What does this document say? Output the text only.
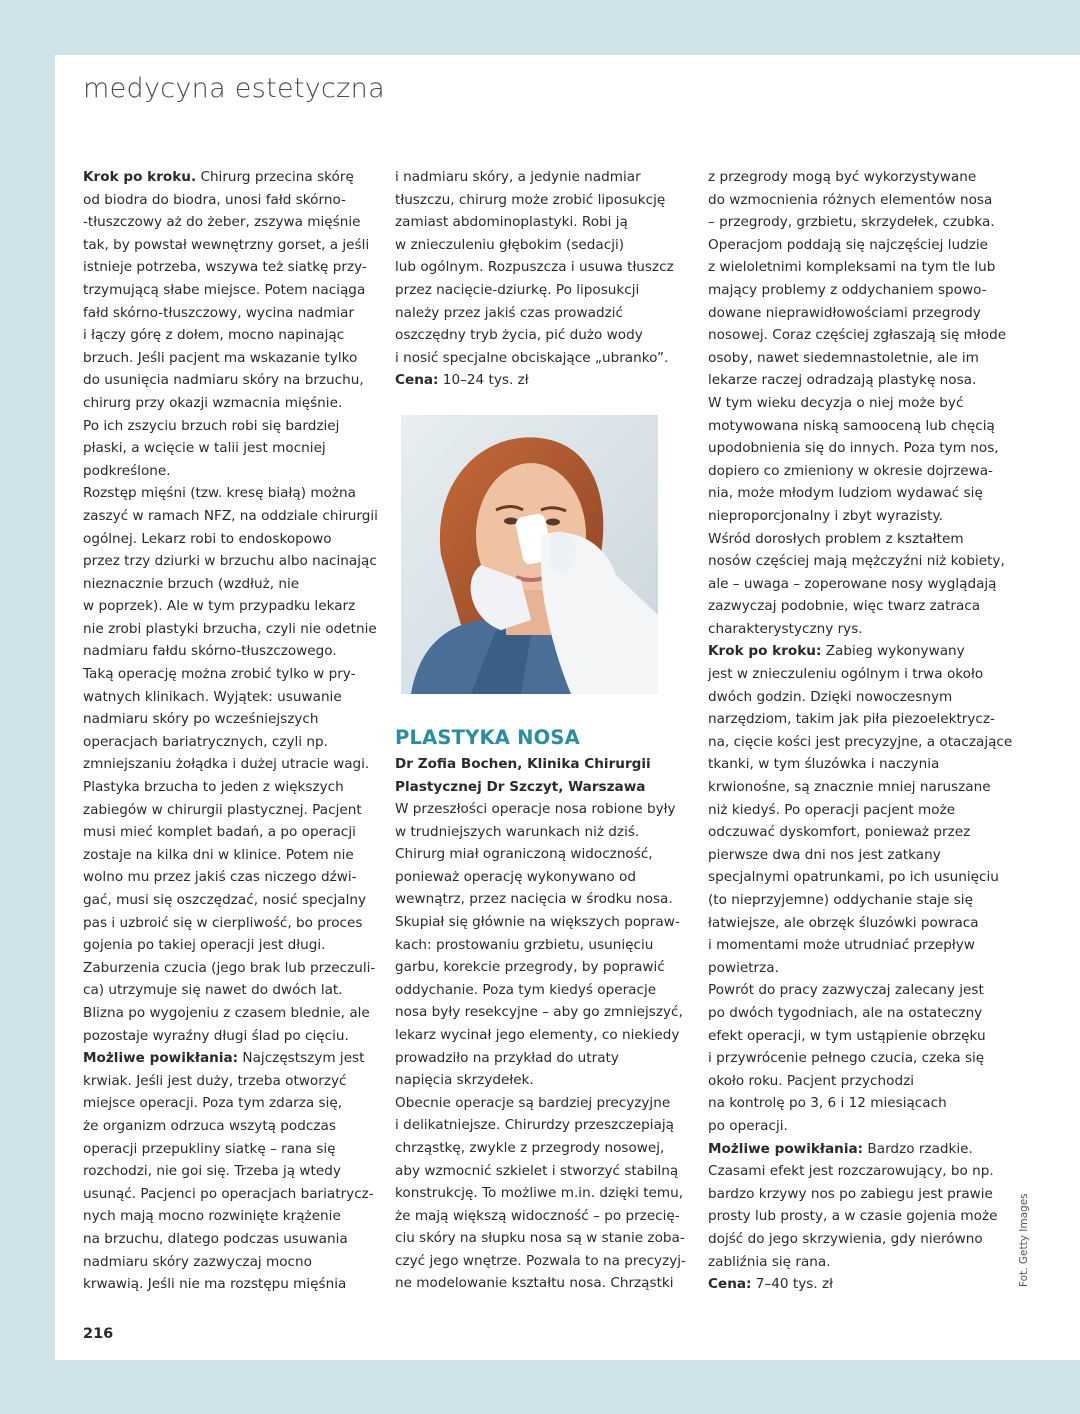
medycyna estetyczna
Krok po kroku. Chirurg przecina skórę
od biodra do biodra, unosi fałd skórno-
-tłuszczowy aż do żeber, zszywa mięśnie
tak, by powstał wewnętrzny gorset, a jeśli
istnieje potrzeba, wszywa też siatkę przy-
trzymującą słabe miejsce. Potem naciąga
fałd skórno-tłuszczowy, wycina nadmiar
i łączy górę z dołem, mocno napinając
brzuch. Jeśli pacjent ma wskazanie tylko
do usunięcia nadmiaru skóry na brzuchu,
chirurg przy okazji wzmacnia mięśnie.
Po ich zszyciu brzuch robi się bardziej
płaski, a wcięcie w talii jest mocniej
podkreślone.
Rozstęp mięśni (tzw. kresę białą) można
zaszyć w ramach NFZ, na oddziale chirurgii
ogólnej. Lekarz robi to endoskopowo
przez trzy dziurki w brzuchu albo nacinając
nieznacznie brzuch (wzdłuż, nie
w poprzek). Ale w tym przypadku lekarz
nie zrobi plastyki brzucha, czyli nie odetnie
nadmiaru fałdu skórno-tłuszczowego.
Taką operację można zrobić tylko w pry-
watnych klinikach. Wyjątek: usuwanie
nadmiaru skóry po wcześniejszych
operacjach bariatrycznych, czyli np.
zmniejszaniu żołądka i dużej utracie wagi.
Plastyka brzucha to jeden z większych
zabiegów w chirurgii plastycznej. Pacjent
musi mieć komplet badań, a po operacji
zostaje na kilka dni w klinice. Potem nie
wolno mu przez jakiś czas niczego dźwi-
gać, musi się oszczędzać, nosić specjalny
pas i uzbroić się w cierpliwość, bo proces
gojenia po takiej operacji jest długi.
Zaburzenia czucia (jego brak lub przeczuli-
ca) utrzymuje się nawet do dwóch lat.
Blizna po wygojeniu z czasem blednie, ale
pozostaje wyraźny długi ślad po cięciu.
Możliwe powikłania: Najczęstszym jest
krwiak. Jeśli jest duży, trzeba otworzyć
miejsce operacji. Poza tym zdarza się,
że organizm odrzuca wszytą podczas
operacji przepukliny siatkę – rana się
rozchodzi, nie goi się. Trzeba ją wtedy
usunąć. Pacjenci po operacjach bariatrycz-
nych mają mocno rozwinięte krążenie
na brzuchu, dlatego podczas usuwania
nadmiaru skóry zazwyczaj mocno
krwawią. Jeśli nie ma rozstępu mięśnia
i nadmiaru skóry, a jedynie nadmiar
tłuszczu, chirurg może zrobić liposukcję
zamiast abdominoplastyki. Robi ją
w znieczuleniu głębokim (sedacji)
lub ogólnym. Rozpuszcza i usuwa tłuszcz
przez nacięcie-dziurkę. Po liposukcji
należy przez jakiś czas prowadzić
oszczędny tryb życia, pić dużo wody
i nosić specjalne obciskające „ubranko”.
Cena: 10–24 tys. zł
PLASTYKA NOSA
Dr Zofia Bochen, Klinika Chirurgii Plastycznej Dr Szczyt, Warszawa
W przeszłości operacje nosa robione były
w trudniejszych warunkach niż dziś.
Chirurg miał ograniczoną widoczność,
ponieważ operację wykonywano od
wewnątrz, przez nacięcia w środku nosa.
Skupiał się głównie na większych popraw-
kach: prostowaniu grzbietu, usunięciu
garbu, korekcie przegrody, by poprawić
oddychanie. Poza tym kiedyś operacje
nosa były resekcyjne – aby go zmniejszyć,
lekarz wycinał jego elementy, co niekiedy
prowadziło na przykład do utraty
napięcia skrzydełek.
Obecnie operacje są bardziej precyzyjne
i delikatniejsze. Chirurdzy przeszczepiają
chrząstkę, zwykle z przegrody nosowej,
aby wzmocnić szkielet i stworzyć stabilną
konstrukcję. To możliwe m.in. dzięki temu,
że mają większą widoczność – po przecię-
ciu skóry na słupku nosa są w stanie zoba-
czyć jego wnętrze. Pozwala to na precyzyj-
ne modelowanie kształtu nosa. Chrząstki
z przegrody mogą być wykorzystywane
do wzmocnienia różnych elementów nosa
– przegrody, grzbietu, skrzydełek, czubka.
Operacjom poddają się najczęściej ludzie
z wieloletnimi kompleksami na tym tle lub
mający problemy z oddychaniem spowo-
dowane nieprawidłowościami przegrody
nosowej. Coraz częściej zgłaszają się młode
osoby, nawet siedemnastoletnie, ale im
lekarze raczej odradzają plastykę nosa.
W tym wieku decyzja o niej może być
motywowana niską samooceną lub chęcią
upodobnienia się do innych. Poza tym nos,
dopiero co zmieniony w okresie dojrzewa-
nia, może młodym ludziom wydawać się
nieproporcjonalny i zbyt wyrazisty.
Wśród dorosłych problem z kształtem
nosów częściej mają mężczyźni niż kobiety,
ale – uwaga – zoperowane nosy wyglądają
zazwyczaj podobnie, więc twarz zatraca
charakterystyczny rys.
Krok po kroku: Zabieg wykonywany
jest w znieczuleniu ogólnym i trwa około
dwóch godzin. Dzięki nowoczesnym
narzędziom, takim jak piła piezoelektrycz-
na, cięcie kości jest precyzyjne, a otaczające
tkanki, w tym śluzówka i naczynia
krwionośne, są znacznie mniej naruszane
niż kiedyś. Po operacji pacjent może
odczuwać dyskomfort, ponieważ przez
pierwsze dwa dni nos jest zatkany
specjalnymi opatrunkami, po ich usunięciu
(to nieprzyjemne) oddychanie staje się
łatwiejsze, ale obrzęk śluzówki powraca
i momentami może utrudniać przepływ
powietrza.
Powrót do pracy zazwyczaj zalecany jest
po dwóch tygodniach, ale na ostateczny
efekt operacji, w tym ustąpienie obrzęku
i przywrócenie pełnego czucia, czeka się
około roku. Pacjent przychodzi
na kontrolę po 3, 6 i 12 miesiącach
po operacji.
Możliwe powikłania: Bardzo rzadkie.
Czasami efekt jest rozczarowujący, bo np.
bardzo krzywy nos po zabiegu jest prawie
prosty lub prosty, a w czasie gojenia może
dojść do jego skrzywienia, gdy nierówno
zabliźnia się rana.
Cena: 7–40 tys. zł
216
Fot. Getty Images
